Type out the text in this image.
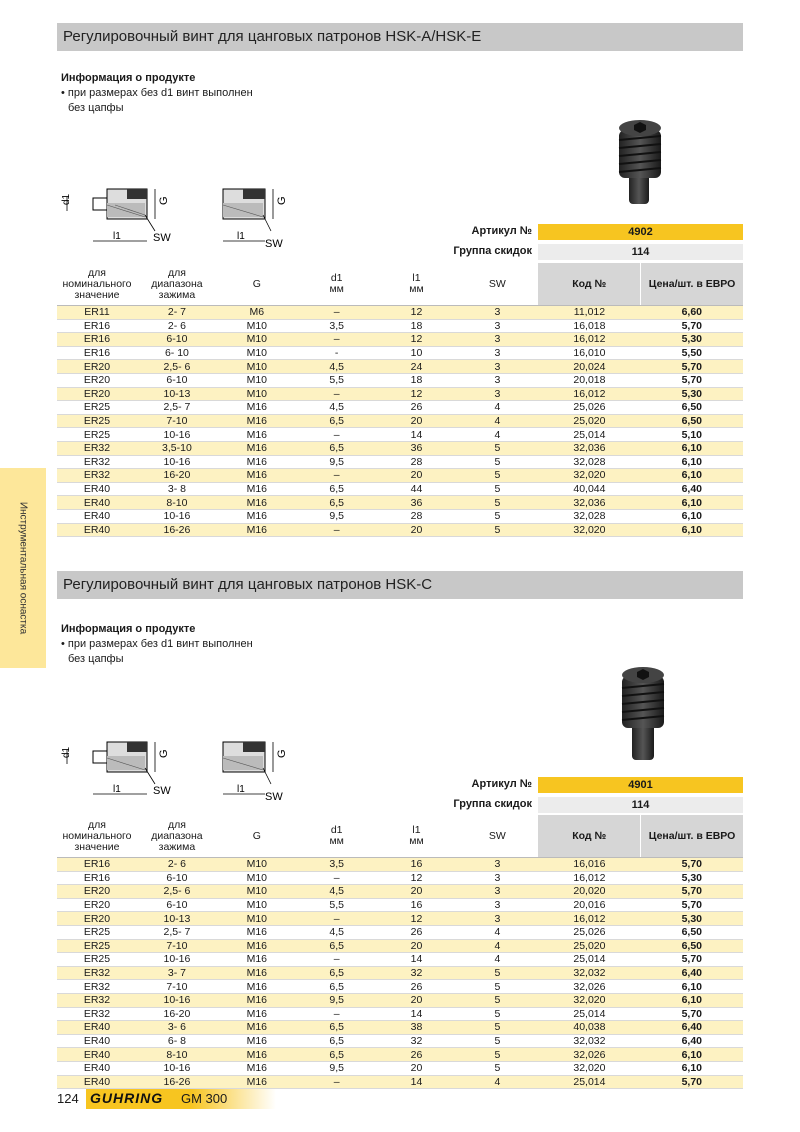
Инструментальная оснастка
Регулировочный винт для цанговых патронов HSK-A/HSK-E
Информация о продукте
• при размерах без d1 винт выполнен
без цапфы
d1	G
l1	SW
G
l1
SW
Артикул №	4902
Группа скидок	114
для
номинального
значение	для
диапазона
зажима	G	d1
мм	l1
мм	SW	Код №	Цена/шт. в ЕВРО
ER11	2- 7	M6	–	12	3	11,012	6,60
ER16	2- 6	M10	3,5	18	3	16,018	5,70
ER16	6-10	M10	–	12	3	16,012	5,30
ER16	6- 10	M10	-	10	3	16,010	5,50
ER20	2,5- 6	M10	4,5	24	3	20,024	5,70
ER20	6-10	M10	5,5	18	3	20,018	5,70
ER20	10-13	M10	–	12	3	16,012	5,30
ER25	2,5- 7	M16	4,5	26	4	25,026	6,50
ER25	7-10	M16	6,5	20	4	25,020	6,50
ER25	10-16	M16	–	14	4	25,014	5,10
ER32	3,5-10	M16	6,5	36	5	32,036	6,10
ER32	10-16	M16	9,5	28	5	32,028	6,10
ER32	16-20	M16	–	20	5	32,020	6,10
ER40	3- 8	M16	6,5	44	5	40,044	6,40
ER40	8-10	M16	6,5	36	5	32,036	6,10
ER40	10-16	M16	9,5	28	5	32,028	6,10
ER40	16-26	M16	–	20	5	32,020	6,10
Регулировочный винт для цанговых патронов HSK-C
Информация о продукте
• при размерах без d1 винт выполнен
без цапфы
d1	G
l1	SW
G
l1
SW
Артикул №	4901
Группа скидок	114
для
номинального
значение	для
диапазона
зажима	G	d1
мм	l1
мм	SW	Код №	Цена/шт. в ЕВРО
ER16	2- 6	M10	3,5	16	3	16,016	5,70
ER16	6-10	M10	–	12	3	16,012	5,30
ER20	2,5- 6	M10	4,5	20	3	20,020	5,70
ER20	6-10	M10	5,5	16	3	20,016	5,70
ER20	10-13	M10	–	12	3	16,012	5,30
ER25	2,5- 7	M16	4,5	26	4	25,026	6,50
ER25	7-10	M16	6,5	20	4	25,020	6,50
ER25	10-16	M16	–	14	4	25,014	5,70
ER32	3- 7	M16	6,5	32	5	32,032	6,40
ER32	7-10	M16	6,5	26	5	32,026	6,10
ER32	10-16	M16	9,5	20	5	32,020	6,10
ER32	16-20	M16	–	14	5	25,014	5,70
ER40	3- 6	M16	6,5	38	5	40,038	6,40
ER40	6- 8	M16	6,5	32	5	32,032	6,40
ER40	8-10	M16	6,5	26	5	32,026	6,10
ER40	10-16	M16	9,5	20	5	32,020	6,10
ER40	16-26	M16	–	14	4	25,014	5,70
124 GUHRING GM 300
